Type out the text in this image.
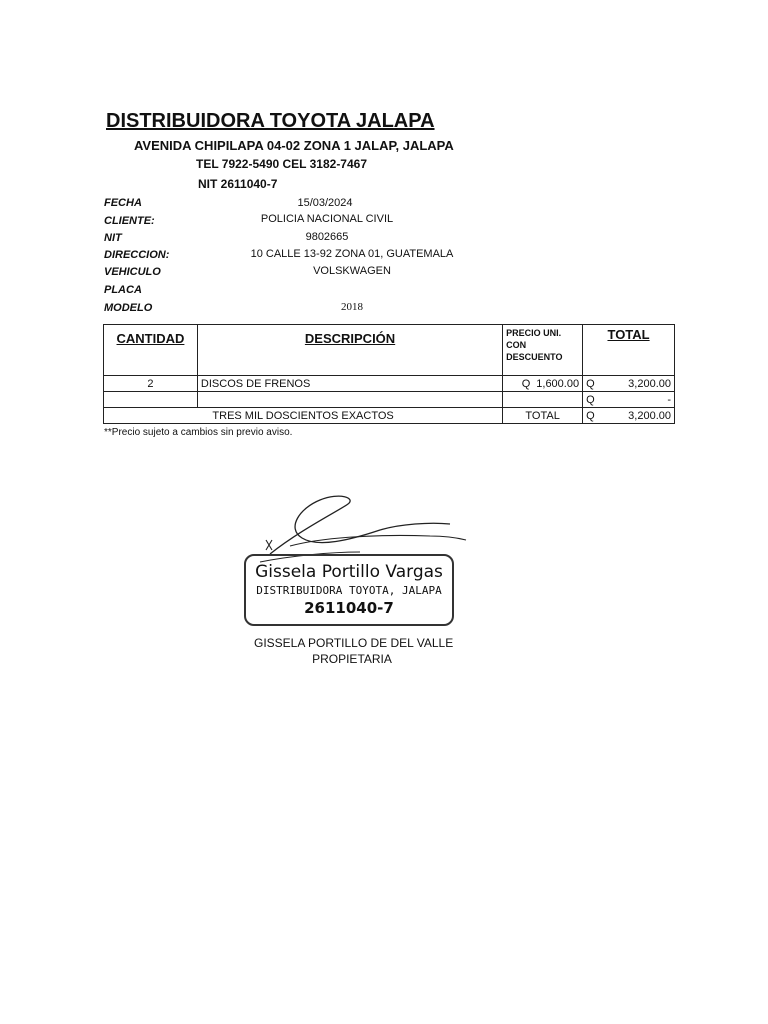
DISTRIBUIDORA TOYOTA JALAPA
AVENIDA CHIPILAPA 04-02 ZONA 1 JALAP, JALAPA
TEL 7922-5490 CEL 3182-7467
NIT 2611040-7
FECHA	15/03/2024
CLIENTE:	POLICIA NACIONAL CIVIL
NIT	9802665
DIRECCION:	10 CALLE 13-92 ZONA 01, GUATEMALA
VEHICULO	VOLSKWAGEN
PLACA
MODELO	2018
CANTIDAD	DESCRIPCIÓN	PRECIO UNI.
CON
DESCUENTO	TOTAL
2	DISCOS DE FRENOS	Q 1,600.00	Q 3,200.00

			Q -

TRES MIL DOSCIENTOS EXACTOS		TOTAL	Q 3,200.00
**Precio sujeto a cambios sin previo aviso.
Gissela Portillo Vargas
DISTRIBUIDORA TOYOTA, JALAPA
2611040-7
GISSELA PORTILLO DE DEL VALLE
PROPIETARIA
